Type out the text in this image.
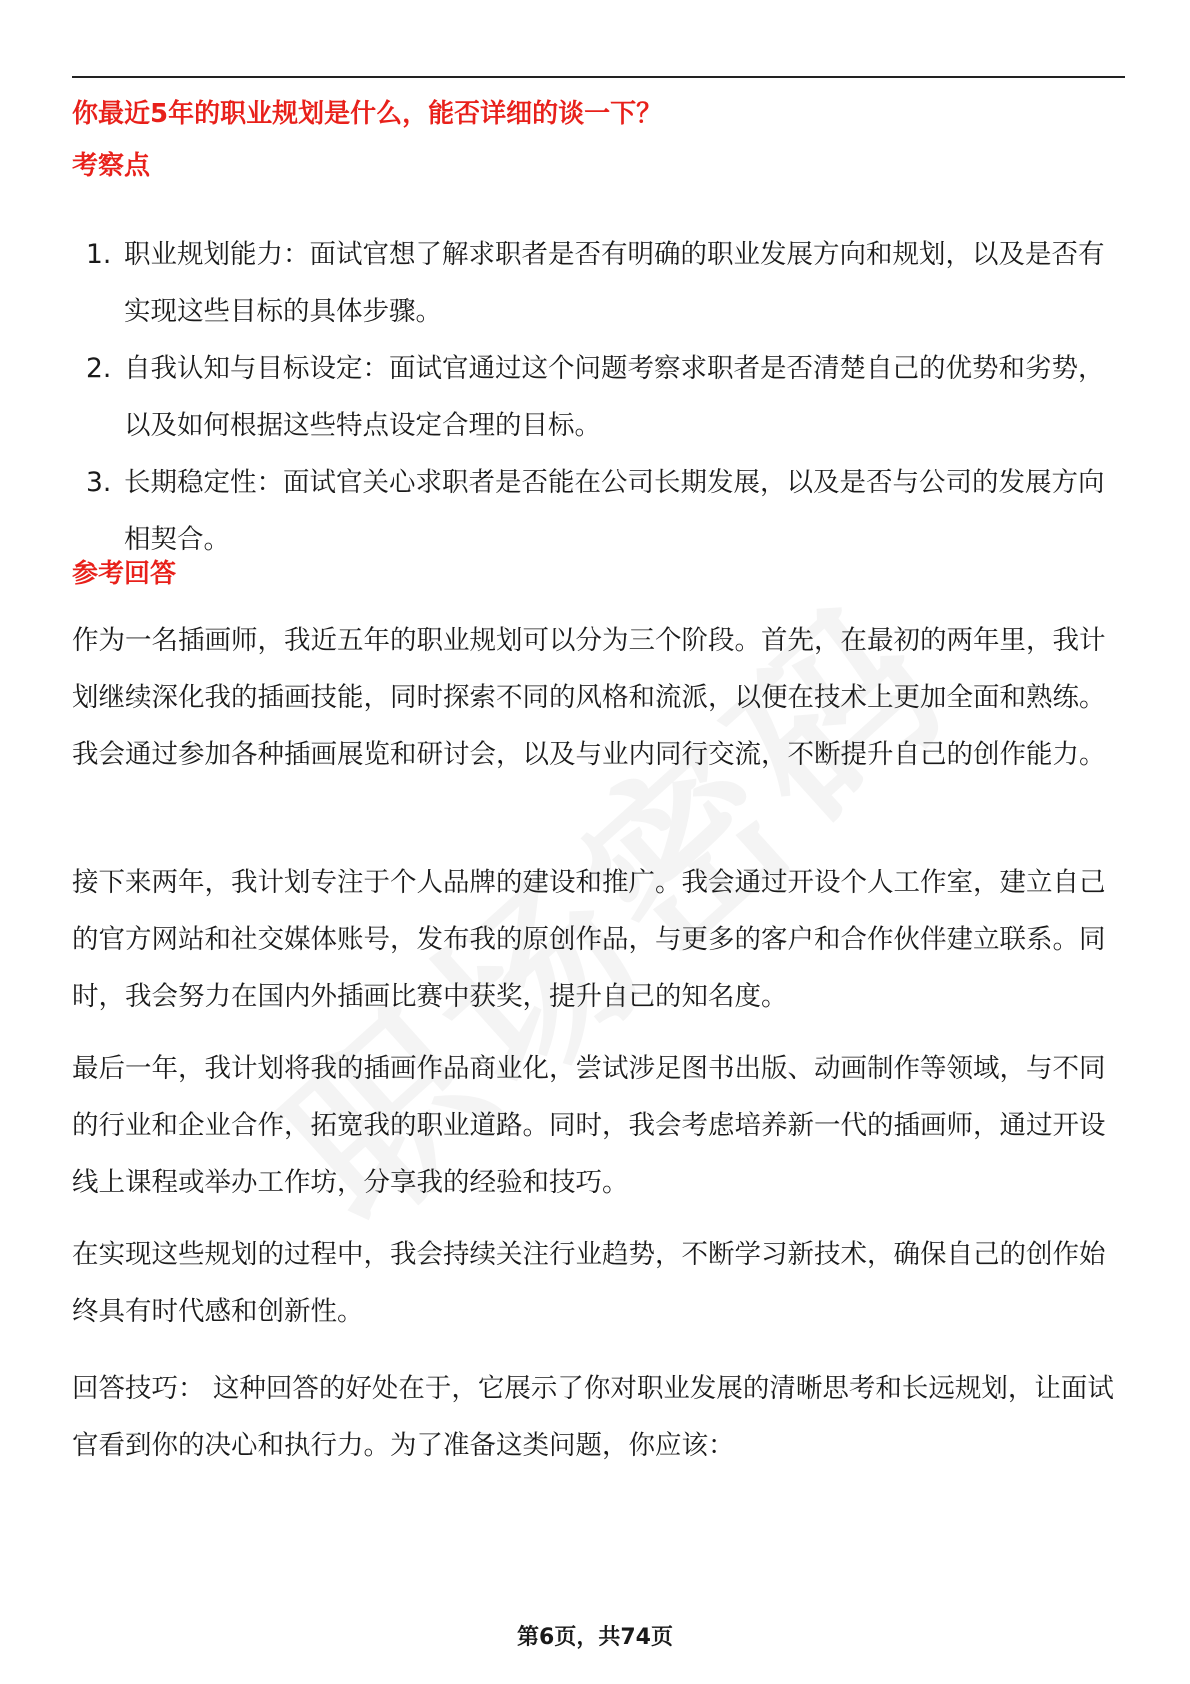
你最近5年的职业规划是什么，能否详细的谈一下？
考察点
1. 职业规划能力：面试官想了解求职者是否有明确的职业发展方向和规划，以及是否有实现这些目标的具体步骤。
2. 自我认知与目标设定：面试官通过这个问题考察求职者是否清楚自己的优势和劣势，以及如何根据这些特点设定合理的目标。
3. 长期稳定性：面试官关心求职者是否能在公司长期发展，以及是否与公司的发展方向相契合。
参考回答

作为一名插画师，我近五年的职业规划可以分为三个阶段。首先，在最初的两年里，我计划继续深化我的插画技能，同时探索不同的风格和流派，以便在技术上更加全面和熟练。我会通过参加各种插画展览和研讨会，以及与业内同行交流，不断提升自己的创作能力。

接下来两年，我计划专注于个人品牌的建设和推广。我会通过开设个人工作室，建立自己的官方网站和社交媒体账号，发布我的原创作品，与更多的客户和合作伙伴建立联系。同时，我会努力在国内外插画比赛中获奖，提升自己的知名度。

最后一年，我计划将我的插画作品商业化，尝试涉足图书出版、动画制作等领域，与不同的行业和企业合作，拓宽我的职业道路。同时，我会考虑培养新一代的插画师，通过开设线上课程或举办工作坊，分享我的经验和技巧。

在实现这些规划的过程中，我会持续关注行业趋势，不断学习新技术，确保自己的创作始终具有时代感和创新性。

回答技巧： 这种回答的好处在于，它展示了你对职业发展的清晰思考和长远规划，让面试官看到你的决心和执行力。为了准备这类问题，你应该：

第6页，共74页
